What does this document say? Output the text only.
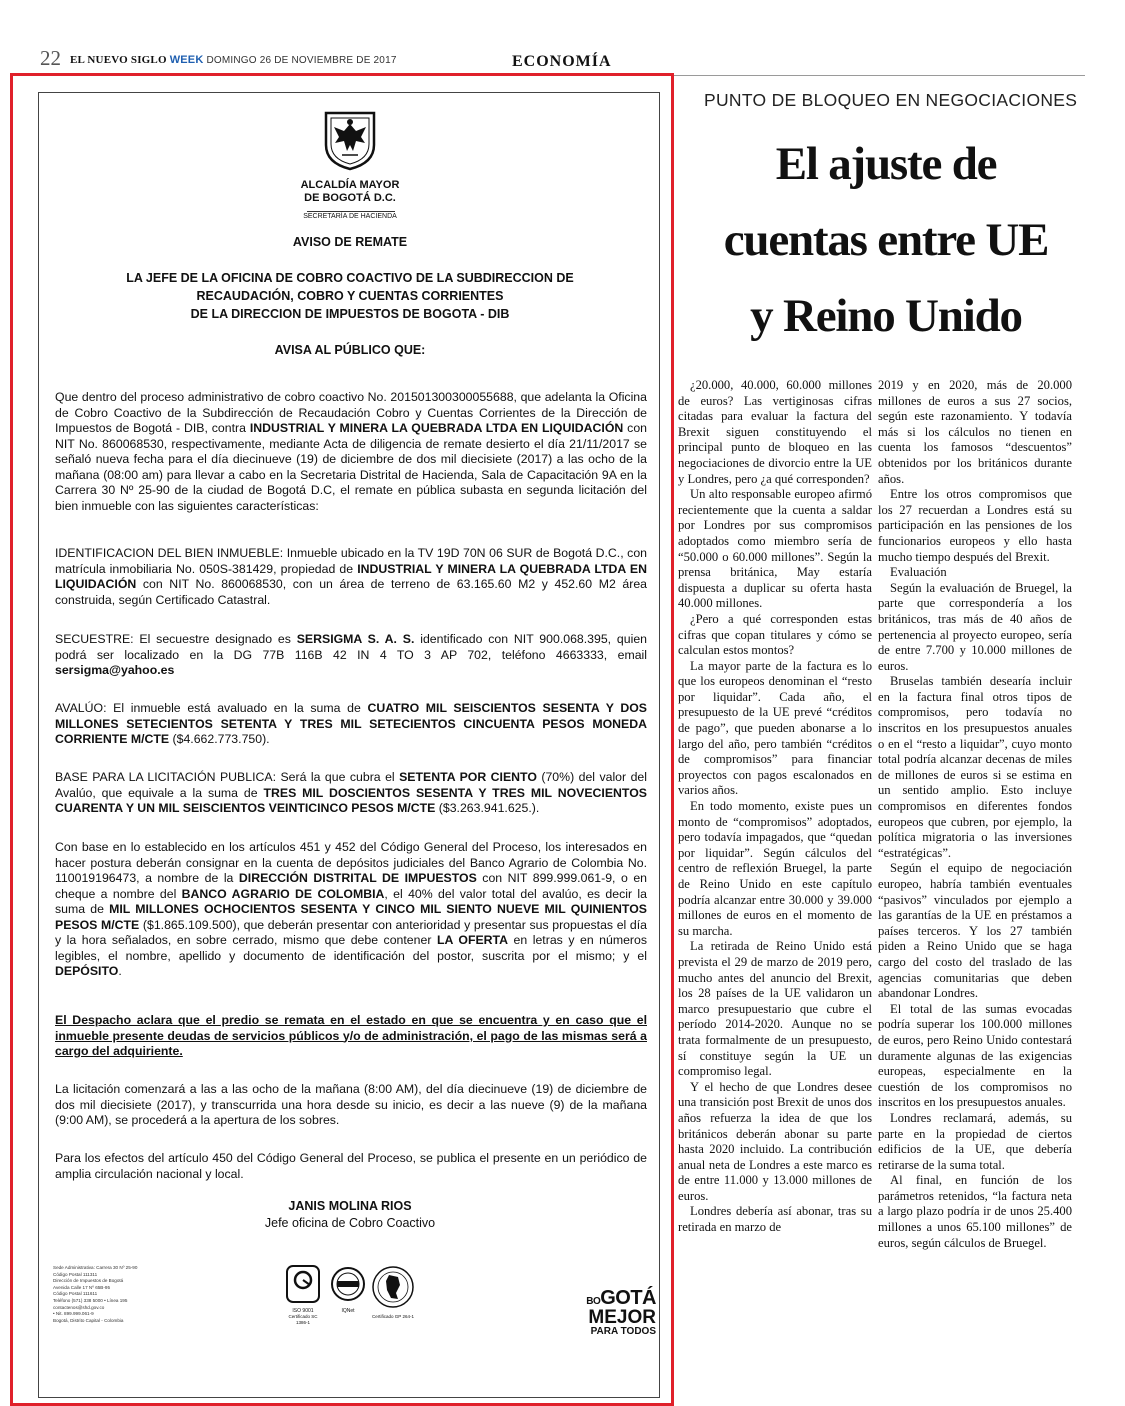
22 EL NUEVO SIGLO WEEK DOMINGO 26 DE NOVIEMBRE DE 2017	ECONOMÍA
ALCALDÍA MAYOR
DE BOGOTÁ D.C.
SECRETARÍA DE HACIENDA
AVISO DE REMATE
LA JEFE DE LA OFICINA DE COBRO COACTIVO DE LA SUBDIRECCION DE
RECAUDACIÓN, COBRO Y CUENTAS CORRIENTES
DE LA DIRECCION DE IMPUESTOS DE BOGOTA - DIB
AVISA AL PÚBLICO QUE:
Que dentro del proceso administrativo de cobro coactivo No. 201501300300055688, que adelanta la Oficina de Cobro Coactivo de la Subdirección de Recaudación Cobro y Cuentas Corrientes de la Dirección de Impuestos de Bogotá - DIB, contra INDUSTRIAL Y MINERA LA QUEBRADA LTDA EN LIQUIDACIÓN con NIT No. 860068530, respectivamente, mediante Acta de diligencia de remate desierto el día 21/11/2017 se señaló nueva fecha para el día diecinueve (19) de diciembre de dos mil diecisiete (2017) a las ocho de la mañana (08:00 am) para llevar a cabo en la Secretaria Distrital de Hacienda, Sala de Capacitación 9A en la Carrera 30 Nº 25-90 de la ciudad de Bogotá D.C, el remate en pública subasta en segunda licitación del bien inmueble con las siguientes características:
IDENTIFICACION DEL BIEN INMUEBLE: Inmueble ubicado en la TV 19D 70N 06 SUR de Bogotá D.C., con matrícula inmobiliaria No. 050S-381429, propiedad de INDUSTRIAL Y MINERA LA QUEBRADA LTDA EN LIQUIDACIÓN con NIT No. 860068530, con un área de terreno de 63.165.60 M2 y 452.60 M2 área construida, según Certificado Catastral.
SECUESTRE: El secuestre designado es SERSIGMA S. A. S. identificado con NIT 900.068.395, quien podrá ser localizado en la DG 77B 116B 42 IN 4 TO 3 AP 702, teléfono 4663333, email sersigma@yahoo.es
AVALÚO: El inmueble está avaluado en la suma de CUATRO MIL SEISCIENTOS SESENTA Y DOS MILLONES SETECIENTOS SETENTA Y TRES MIL SETECIENTOS CINCUENTA PESOS MONEDA CORRIENTE M/CTE ($4.662.773.750).
BASE PARA LA LICITACIÓN PUBLICA: Será la que cubra el SETENTA POR CIENTO (70%) del valor del Avalúo, que equivale a la suma de TRES MIL DOSCIENTOS SESENTA Y TRES MIL NOVECIENTOS CUARENTA Y UN MIL SEISCIENTOS VEINTICINCO PESOS M/CTE ($3.263.941.625.).
Con base en lo establecido en los artículos 451 y 452 del Código General del Proceso, los interesados en hacer postura deberán consignar en la cuenta de depósitos judiciales del Banco Agrario de Colombia No. 110019196473, a nombre de la DIRECCIÓN DISTRITAL DE IMPUESTOS con NIT 899.999.061-9, o en cheque a nombre del BANCO AGRARIO DE COLOMBIA, el 40% del valor total del avalúo, es decir la suma de MIL MILLONES OCHOCIENTOS SESENTA Y CINCO MIL SIENTO NUEVE MIL QUINIENTOS PESOS M/CTE ($1.865.109.500), que deberán presentar con anterioridad y presentar sus propuestas el día y la hora señalados, en sobre cerrado, mismo que debe contener LA OFERTA en letras y en números legibles, el nombre, apellido y documento de identificación del postor, suscrita por el mismo; y el DEPÓSITO.
El Despacho aclara que el predio se remata en el estado en que se encuentra y en caso que el inmueble presente deudas de servicios públicos y/o de administración, el pago de las mismas será a cargo del adquiriente.
La licitación comenzará a las a las ocho de la mañana (8:00 AM), del día diecinueve (19) de diciembre de dos mil diecisiete (2017), y transcurrida una hora desde su inicio, es decir a las nueve (9) de la mañana (9:00 AM), se procederá a la apertura de los sobres.
Para los efectos del artículo 450 del Código General del Proceso, se publica el presente en un periódico de amplia circulación nacional y local.
JANIS MOLINA RIOS
Jefe oficina de Cobro Coactivo
Sede Administrativa: Carrera 30 Nº 25-90
Código Postal 111311
Dirección de Impuestos de Bogotá
Avenida Calle 17 Nº 65B-95
Código Postal 111611
Teléfono (571) 338 5000 • Línea 195
contactenos@shd.gov.co
• Nit. 899.999.061-9
Bogotá, Distrito Capital - Colombia
ISO 9001
Certificado SC 1386-1
IQNet
Certificado GP 264-1
BOGOTÁ
MEJOR
PARA TODOS
PUNTO DE BLOQUEO EN NEGOCIACIONES
El ajuste de
cuentas entre UE
y Reino Unido

¿20.000, 40.000, 60.000 millones de euros? Las vertiginosas cifras citadas para evaluar la factura del Brexit siguen constituyendo el principal punto de bloqueo en las negociaciones de divorcio entre la UE y Londres, pero ¿a qué corresponden?

Un alto responsable europeo afirmó recientemente que la cuenta a saldar por Londres por sus compromisos adoptados como miembro sería de “50.000 o 60.000 millones”. Según la prensa británica, May estaría dispuesta a duplicar su oferta hasta 40.000 millones.

¿Pero a qué corresponden estas cifras que copan titulares y cómo se calculan estos montos?

La mayor parte de la factura es lo que los europeos denominan el “resto por liquidar”. Cada año, el presupuesto de la UE prevé “créditos de pago”, que pueden abonarse a lo largo del año, pero también “créditos de compromisos” para financiar proyectos con pagos escalonados en varios años.

En todo momento, existe pues un monto de “compromisos” adoptados, pero todavía impagados, que “quedan por liquidar”. Según cálculos del centro de reflexión Bruegel, la parte de Reino Unido en este capítulo podría alcanzar entre 30.000 y 39.000 millones de euros en el momento de su marcha.

La retirada de Reino Unido está prevista el 29 de marzo de 2019 pero, mucho antes del anuncio del Brexit, los 28 países de la UE validaron un marco presupuestario que cubre el período 2014-2020. Aunque no se trata formalmente de un presupuesto, sí constituye según la UE un compromiso legal.

Y el hecho de que Londres desee una transición post Brexit de unos dos años refuerza la idea de que los británicos deberán abonar su parte hasta 2020 incluido. La contribución anual neta de Londres a este marco es de entre 11.000 y 13.000 millones de euros.

Londres debería así abonar, tras su retirada en marzo de

2019 y en 2020, más de 20.000 millones de euros a sus 27 socios, según este razonamiento. Y todavía más si los cálculos no tienen en cuenta los famosos “descuentos” obtenidos por los británicos durante años.

Entre los otros compromisos que los 27 recuerdan a Londres está su participación en las pensiones de los funcionarios europeos y ello hasta mucho tiempo después del Brexit.

Evaluación

Según la evaluación de Bruegel, la parte que correspondería a los británicos, tras más de 40 años de pertenencia al proyecto europeo, sería de entre 7.700 y 10.000 millones de euros.

Bruselas también desearía incluir en la factura final otros tipos de compromisos, pero todavía no inscritos en los presupuestos anuales o en el “resto a liquidar”, cuyo monto total podría alcanzar decenas de miles de millones de euros si se estima en un sentido amplio. Esto incluye compromisos en diferentes fondos europeos que cubren, por ejemplo, la política migratoria o las inversiones “estratégicas”.

Según el equipo de negociación europeo, habría también eventuales “pasivos” vinculados por ejemplo a las garantías de la UE en préstamos a países terceros. Y los 27 también piden a Reino Unido que se haga cargo del costo del traslado de las agencias comunitarias que deben abandonar Londres.

El total de las sumas evocadas podría superar los 100.000 millones de euros, pero Reino Unido contestará duramente algunas de las exigencias europeas, especialmente en la cuestión de los compromisos no inscritos en los presupuestos anuales.

Londres reclamará, además, su parte en la propiedad de ciertos edificios de la UE, que debería retirarse de la suma total.

Al final, en función de los parámetros retenidos, “la factura neta a largo plazo podría ir de unos 25.400 millones a unos 65.100 millones” de euros, según cálculos de Bruegel.
